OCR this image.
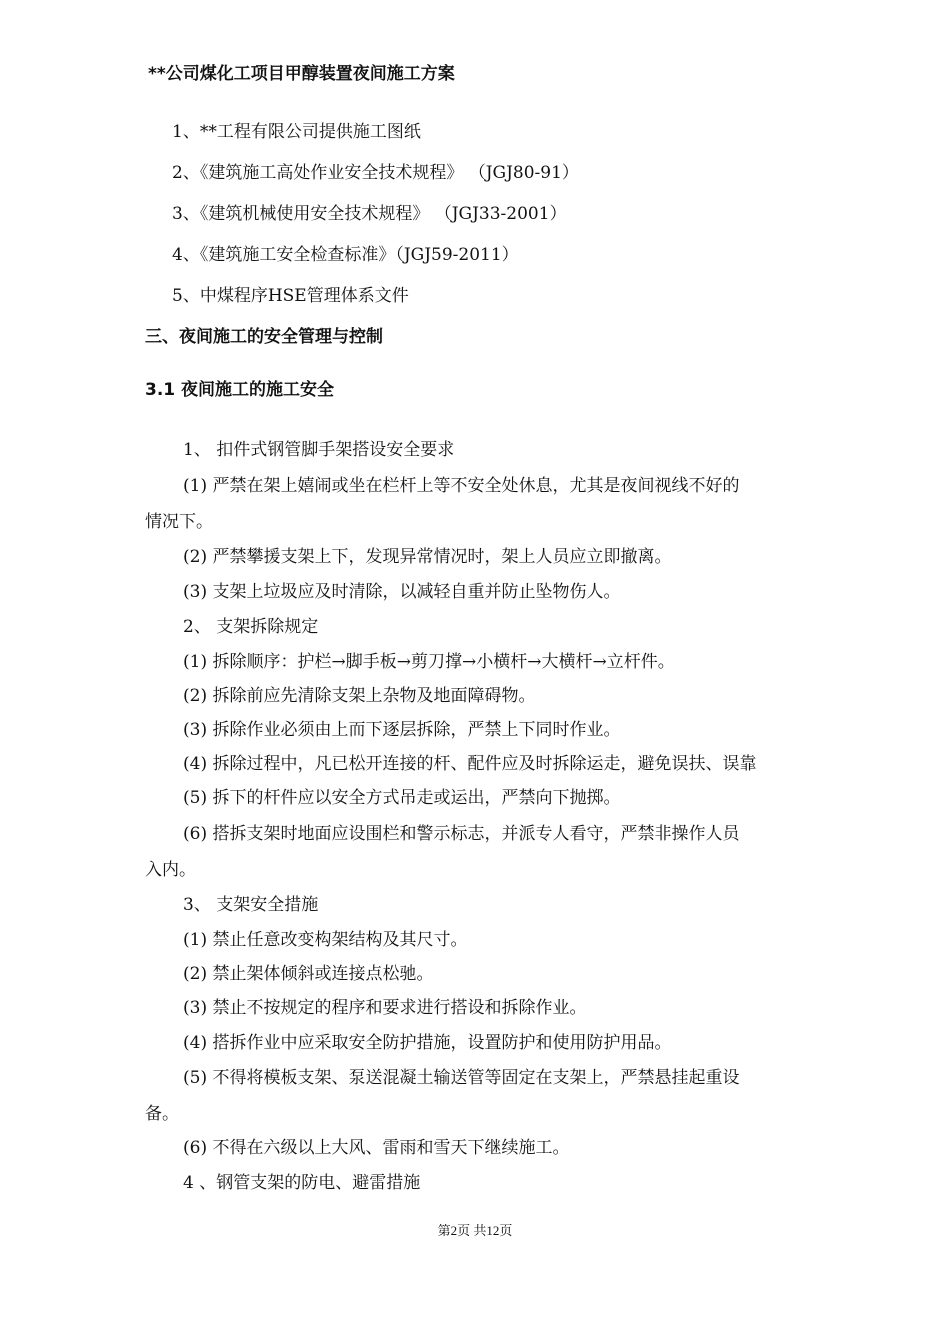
**公司煤化工项目甲醇装置夜间施工方案
1、**工程有限公司提供施工图纸
2、《建筑施工高处作业安全技术规程》 （JGJ80-91）
3、《建筑机械使用安全技术规程》 （JGJ33-2001）
4、《建筑施工安全检查标准》（JGJ59-2011）
5、中煤程序HSE管理体系文件
三、夜间施工的安全管理与控制
3.1 夜间施工的施工安全
1、 扣件式钢管脚手架搭设安全要求
(1) 严禁在架上嬉闹或坐在栏杆上等不安全处休息，尤其是夜间视线不好的
情况下。
(2) 严禁攀援支架上下，发现异常情况时，架上人员应立即撤离。
(3) 支架上垃圾应及时清除，以减轻自重并防止坠物伤人。
2、 支架拆除规定
(1) 拆除顺序：护栏→脚手板→剪刀撑→小横杆→大横杆→立杆件。
(2) 拆除前应先清除支架上杂物及地面障碍物。
(3) 拆除作业必须由上而下逐层拆除，严禁上下同时作业。
(4) 拆除过程中，凡已松开连接的杆、配件应及时拆除运走，避免误扶、误靠
(5) 拆下的杆件应以安全方式吊走或运出，严禁向下抛掷。
(6) 搭拆支架时地面应设围栏和警示标志，并派专人看守，严禁非操作人员
入内。
3、 支架安全措施
(1) 禁止任意改变构架结构及其尺寸。
(2) 禁止架体倾斜或连接点松驰。
(3) 禁止不按规定的程序和要求进行搭设和拆除作业。
(4) 搭拆作业中应采取安全防护措施，设置防护和使用防护用品。
(5) 不得将模板支架、泵送混凝土输送管等固定在支架上，严禁悬挂起重设
备。
(6) 不得在六级以上大风、雷雨和雪天下继续施工。
4 、钢管支架的防电、避雷措施
第2页 共12页
